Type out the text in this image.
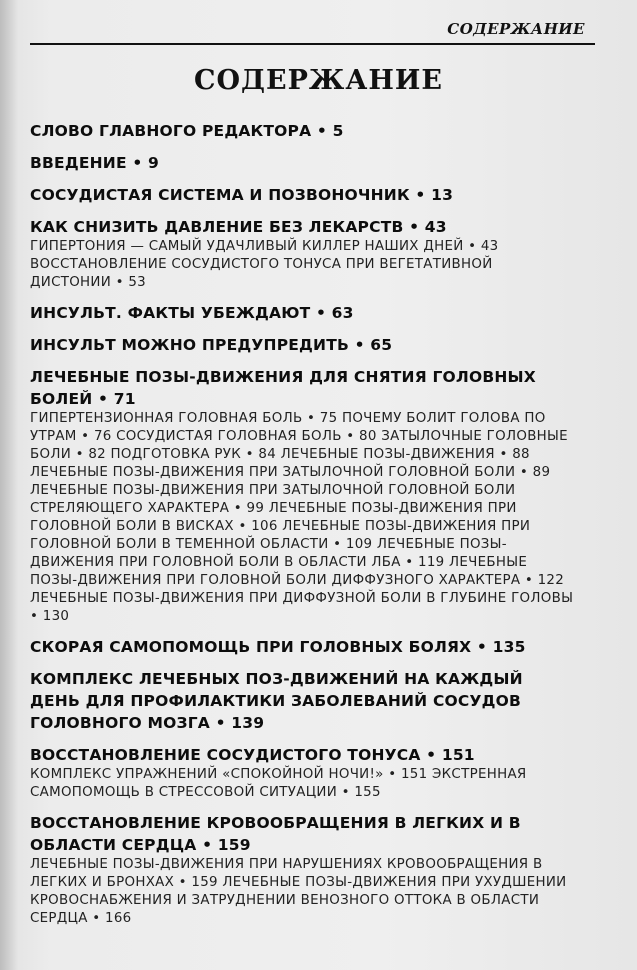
СОДЕРЖАНИЕ
СОДЕРЖАНИЕ
СЛОВО ГЛАВНОГО РЕДАКТОРА • 5
ВВЕДЕНИЕ • 9
СОСУДИСТАЯ СИСТЕМА И ПОЗВОНОЧНИК • 13
КАК СНИЗИТЬ ДАВЛЕНИЕ БЕЗ ЛЕКАРСТВ • 43
ГИПЕРТОНИЯ — САМЫЙ УДАЧЛИВЫЙ КИЛЛЕР НАШИХ ДНЕЙ • 43 ВОССТАНОВЛЕНИЕ СОСУДИСТОГО ТОНУСА ПРИ ВЕГЕТАТИВНОЙ ДИСТОНИИ • 53
ИНСУЛЬТ. ФАКТЫ УБЕЖДАЮТ • 63
ИНСУЛЬТ МОЖНО ПРЕДУПРЕДИТЬ • 65
ЛЕЧЕБНЫЕ ПОЗЫ-ДВИЖЕНИЯ ДЛЯ СНЯТИЯ ГОЛОВНЫХ БОЛЕЙ • 71
ГИПЕРТЕНЗИОННАЯ ГОЛОВНАЯ БОЛЬ • 75 ПОЧЕМУ БОЛИТ ГОЛОВА ПО УТРАМ • 76 СОСУДИСТАЯ ГОЛОВНАЯ БОЛЬ • 80 ЗАТЫЛОЧНЫЕ ГОЛОВНЫЕ БОЛИ • 82 ПОДГОТОВКА РУК • 84 ЛЕЧЕБНЫЕ ПОЗЫ-ДВИЖЕНИЯ • 88 ЛЕЧЕБНЫЕ ПОЗЫ-ДВИЖЕНИЯ ПРИ ЗАТЫЛОЧНОЙ ГОЛОВНОЙ БОЛИ • 89 ЛЕЧЕБНЫЕ ПОЗЫ-ДВИЖЕНИЯ ПРИ ЗАТЫЛОЧНОЙ ГОЛОВНОЙ БОЛИ СТРЕЛЯЮЩЕГО ХАРАКТЕРА • 99 ЛЕЧЕБНЫЕ ПОЗЫ-ДВИЖЕНИЯ ПРИ ГОЛОВНОЙ БОЛИ В ВИСКАХ • 106 ЛЕЧЕБНЫЕ ПОЗЫ-ДВИЖЕНИЯ ПРИ ГОЛОВНОЙ БОЛИ В ТЕМЕННОЙ ОБЛАСТИ • 109 ЛЕЧЕБНЫЕ ПОЗЫ-ДВИЖЕНИЯ ПРИ ГОЛОВНОЙ БОЛИ В ОБЛАСТИ ЛБА • 119 ЛЕЧЕБНЫЕ ПОЗЫ-ДВИЖЕНИЯ ПРИ ГОЛОВНОЙ БОЛИ ДИФФУЗНОГО ХАРАКТЕРА • 122 ЛЕЧЕБНЫЕ ПОЗЫ-ДВИЖЕНИЯ ПРИ ДИФФУЗНОЙ БОЛИ В ГЛУБИНЕ ГОЛОВЫ • 130
СКОРАЯ САМОПОМОЩЬ ПРИ ГОЛОВНЫХ БОЛЯХ • 135
КОМПЛЕКС ЛЕЧЕБНЫХ ПОЗ-ДВИЖЕНИЙ НА КАЖДЫЙ ДЕНЬ ДЛЯ ПРОФИЛАКТИКИ ЗАБОЛЕВАНИЙ СОСУДОВ ГОЛОВНОГО МОЗГА • 139
ВОССТАНОВЛЕНИЕ СОСУДИСТОГО ТОНУСА • 151
КОМПЛЕКС УПРАЖНЕНИЙ «СПОКОЙНОЙ НОЧИ!» • 151 ЭКСТРЕННАЯ САМОПОМОЩЬ В СТРЕССОВОЙ СИТУАЦИИ • 155
ВОССТАНОВЛЕНИЕ КРОВООБРАЩЕНИЯ В ЛЕГКИХ И В ОБЛАСТИ СЕРДЦА • 159
ЛЕЧЕБНЫЕ ПОЗЫ-ДВИЖЕНИЯ ПРИ НАРУШЕНИЯХ КРОВООБРАЩЕНИЯ В ЛЕГКИХ И БРОНХАХ • 159 ЛЕЧЕБНЫЕ ПОЗЫ-ДВИЖЕНИЯ ПРИ УХУДШЕНИИ КРОВОСНАБЖЕНИЯ И ЗАТРУДНЕНИИ ВЕНОЗНОГО ОТТОКА В ОБЛАСТИ СЕРДЦА • 166
